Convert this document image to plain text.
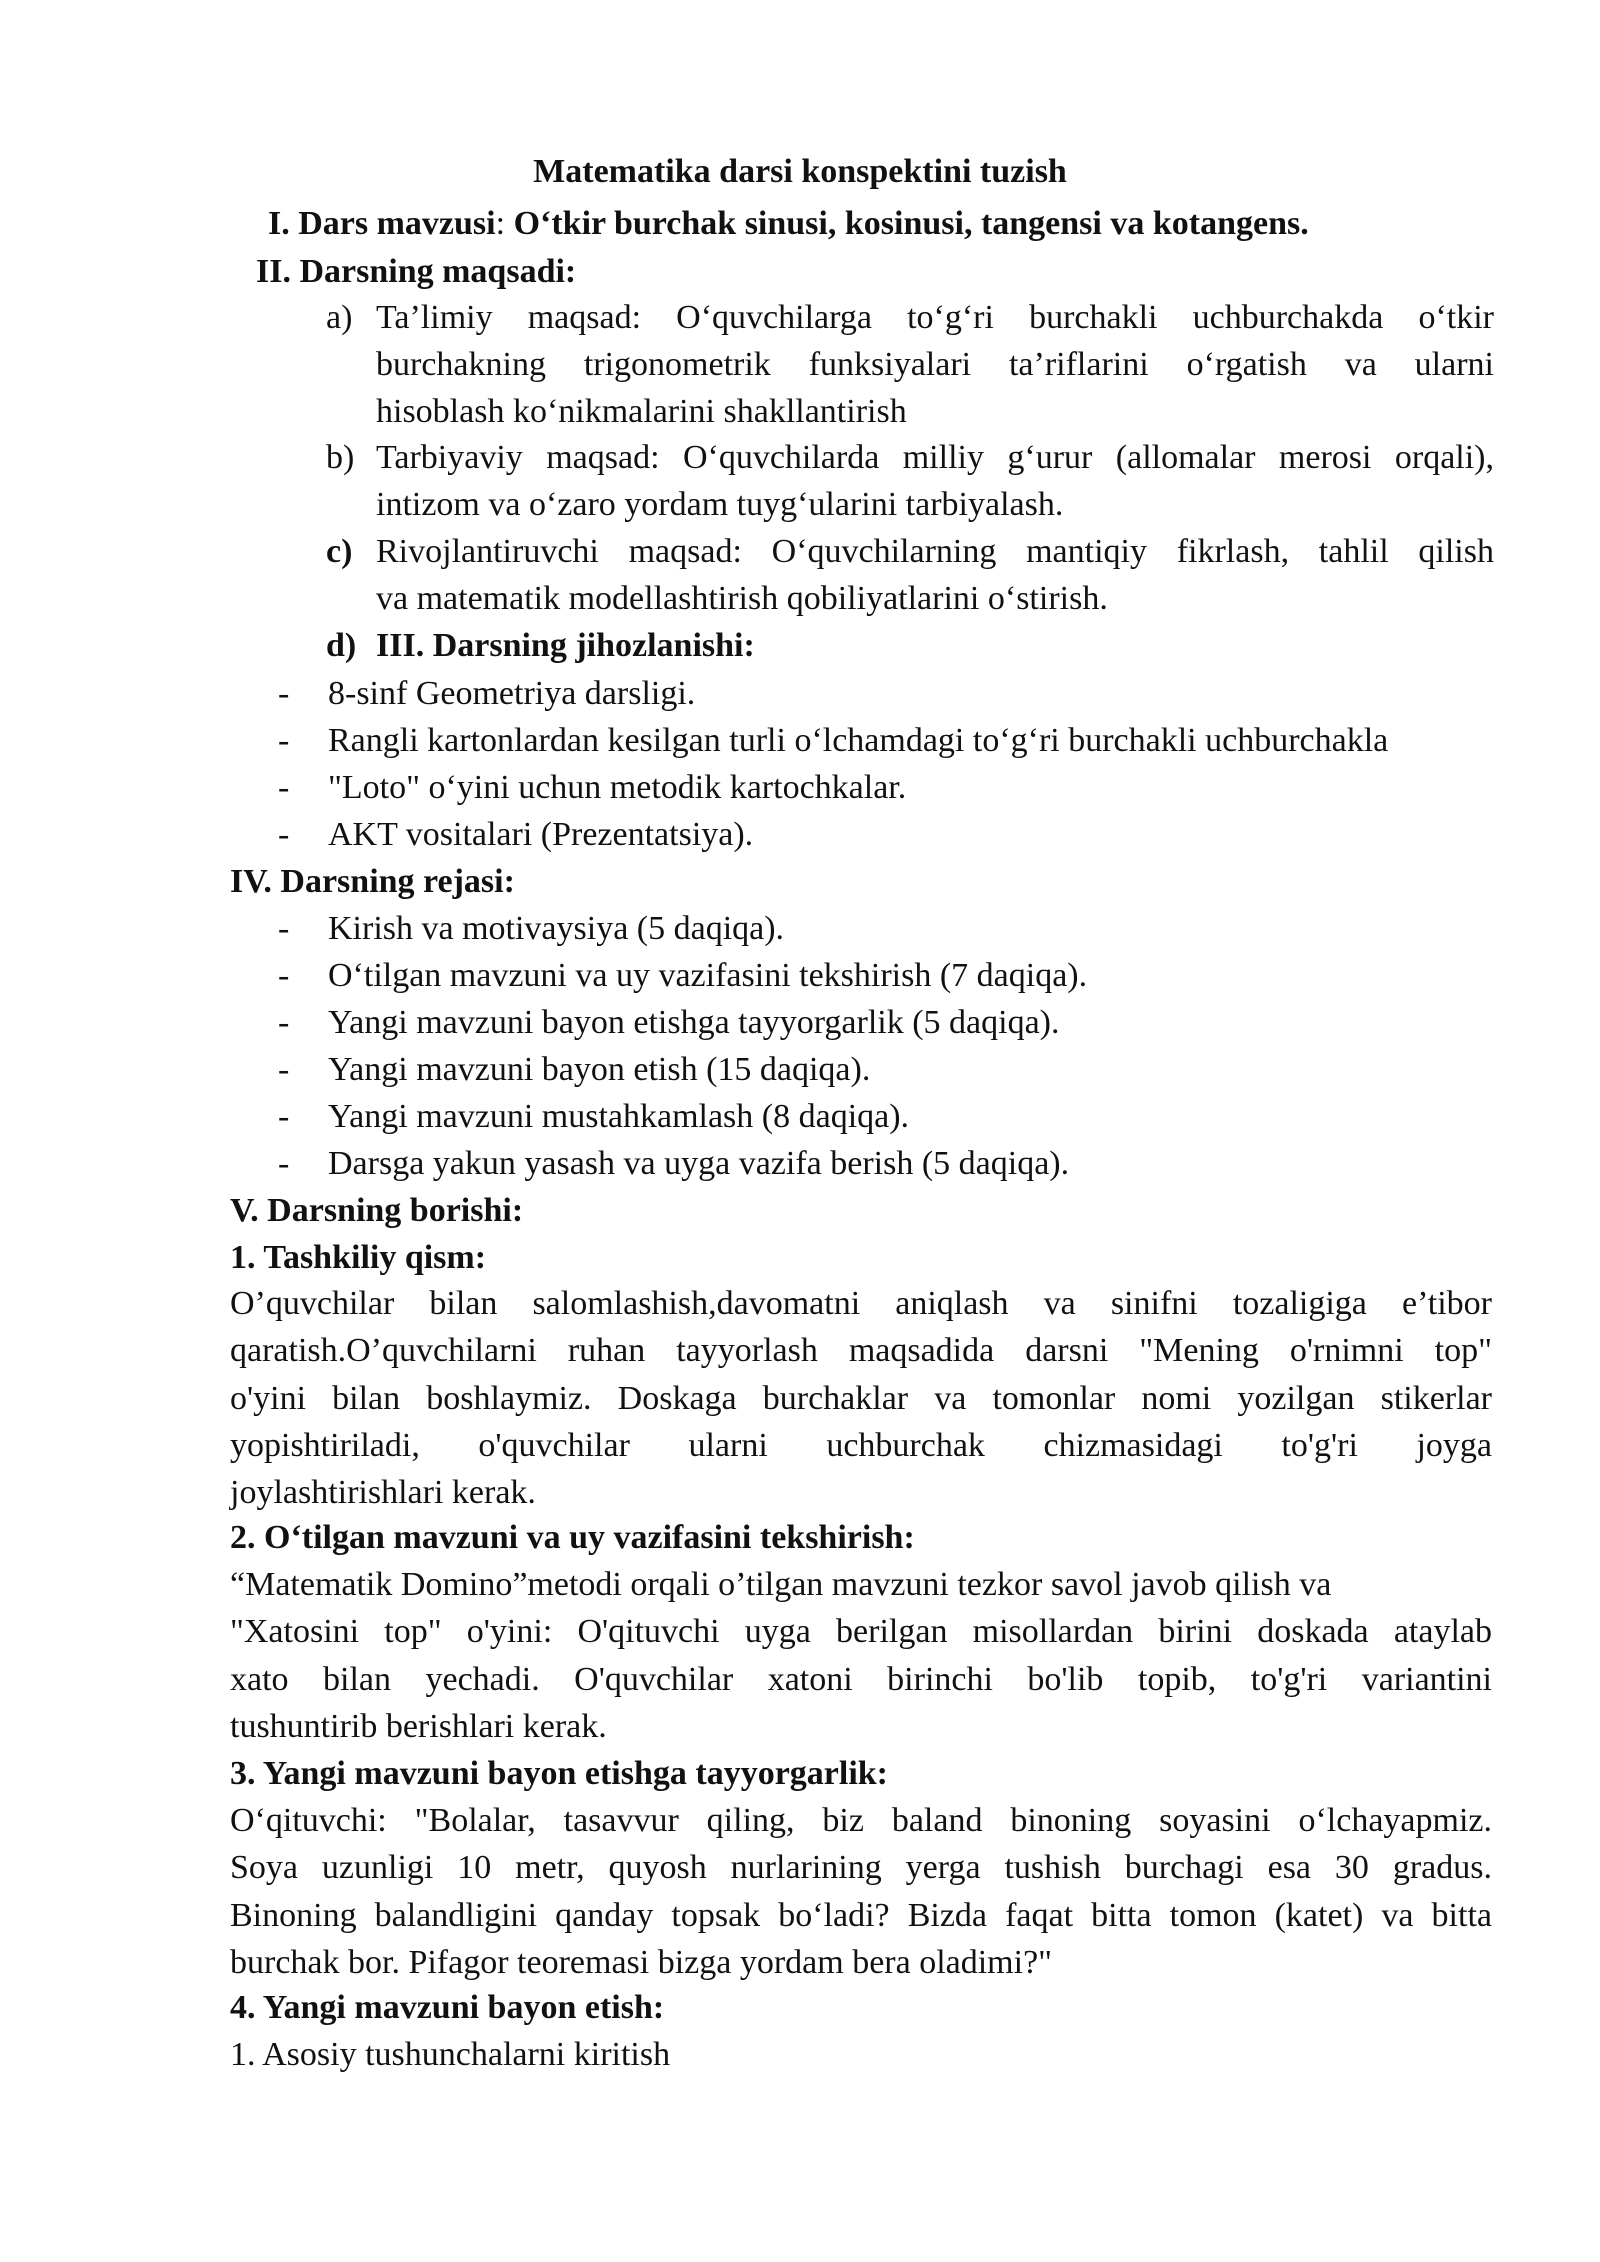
Matematika darsi konspektini tuzish
I. Dars mavzusi: O‘tkir burchak sinusi, kosinusi, tangensi va kotangens.
II. Darsning maqsadi:
a) Ta’limiy maqsad: O‘quvchilarga to‘g‘ri burchakli uchburchakda o‘tkir
burchakning trigonometrik funksiyalari ta’riflarini o‘rgatish va ularni
hisoblash ko‘nikmalarini shakllantirish
b) Tarbiyaviy maqsad: O‘quvchilarda milliy g‘urur (allomalar merosi orqali),
intizom va o‘zaro yordam tuyg‘ularini tarbiyalash.
c) Rivojlantiruvchi maqsad: O‘quvchilarning mantiqiy fikrlash, tahlil qilish
va matematik modellashtirish qobiliyatlarini o‘stirish.
d) III. Darsning jihozlanishi:
- 8-sinf Geometriya darsligi.
- Rangli kartonlardan kesilgan turli o‘lchamdagi to‘g‘ri burchakli uchburchakla
- "Loto" o‘yini uchun metodik kartochkalar.
- AKT vositalari (Prezentatsiya).
IV. Darsning rejasi:
- Kirish va motivaysiya (5 daqiqa).
- O‘tilgan mavzuni va uy vazifasini tekshirish (7 daqiqa).
- Yangi mavzuni bayon etishga tayyorgarlik (5 daqiqa).
- Yangi mavzuni bayon etish (15 daqiqa).
- Yangi mavzuni mustahkamlash (8 daqiqa).
- Darsga yakun yasash va uyga vazifa berish (5 daqiqa).
V. Darsning borishi:
1. Tashkiliy qism:
O’quvchilar bilan salomlashish,davomatni aniqlash va sinifni tozaligiga e’tibor
qaratish.O’quvchilarni ruhan tayyorlash maqsadida darsni "Mening o'rnimni top"
o'yini bilan boshlaymiz. Doskaga burchaklar va tomonlar nomi yozilgan stikerlar
yopishtiriladi, o'quvchilar ularni uchburchak chizmasidagi to'g'ri joyga
joylashtirishlari kerak.
2. O‘tilgan mavzuni va uy vazifasini tekshirish:
“Matematik Domino”metodi orqali o’tilgan mavzuni tezkor savol javob qilish va
"Xatosini top" o'yini: O'qituvchi uyga berilgan misollardan birini doskada ataylab
xato bilan yechadi. O'quvchilar xatoni birinchi bo'lib topib, to'g'ri variantini
tushuntirib berishlari kerak.
3. Yangi mavzuni bayon etishga tayyorgarlik:
O‘qituvchi: "Bolalar, tasavvur qiling, biz baland binoning soyasini o‘lchayapmiz.
Soya uzunligi 10 metr, quyosh nurlarining yerga tushish burchagi esa 30 gradus.
Binoning balandligini qanday topsak bo‘ladi? Bizda faqat bitta tomon (katet) va bitta
burchak bor. Pifagor teoremasi bizga yordam bera oladimi?"
4. Yangi mavzuni bayon etish:
1. Asosiy tushunchalarni kiritish
